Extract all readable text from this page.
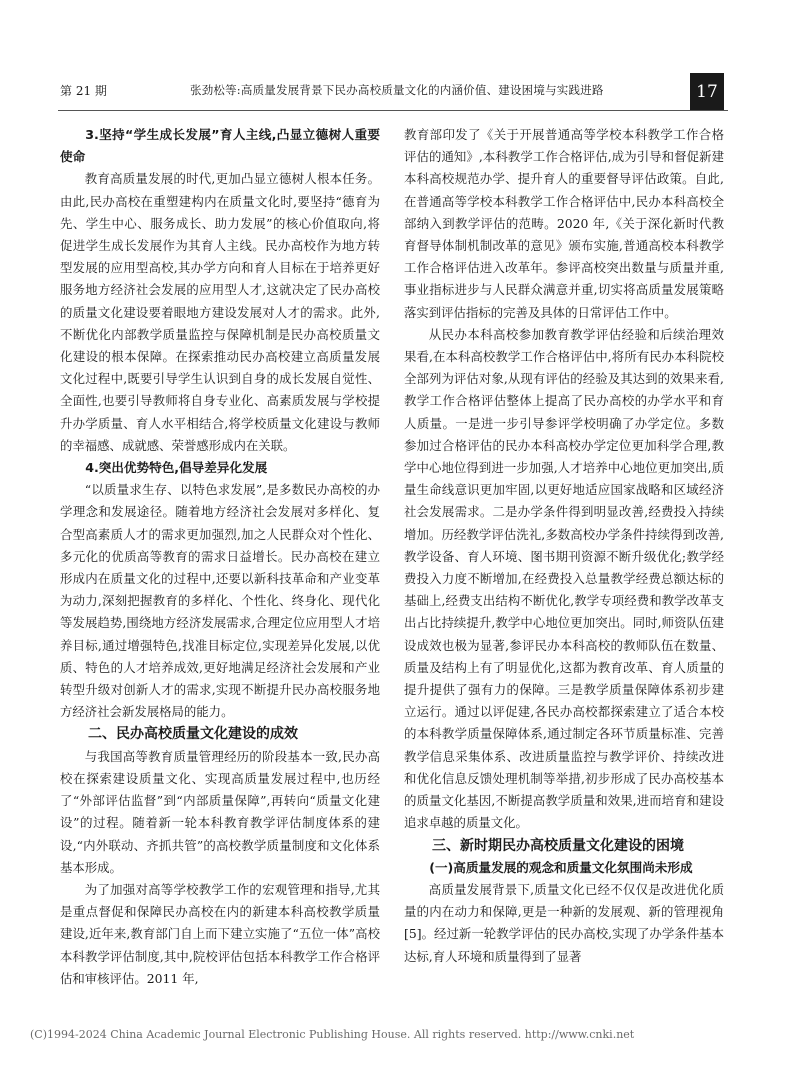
第 21 期	张劲松等:高质量发展背景下民办高校质量文化的内涵价值、建设困境与实践进路	17

3.坚持“学生成长发展”育人主线,凸显立德树人重要使命

教育高质量发展的时代,更加凸显立德树人根本任务。由此,民办高校在重塑建构内在质量文化时,要坚持“德育为先、学生中心、服务成长、助力发展”的核心价值取向,将促进学生成长发展作为其育人主线。民办高校作为地方转型发展的应用型高校,其办学方向和育人目标在于培养更好服务地方经济社会发展的应用型人才,这就决定了民办高校的质量文化建设要着眼地方建设发展对人才的需求。此外,不断优化内部教学质量监控与保障机制是民办高校质量文化建设的根本保障。在探索推动民办高校建立高质量发展文化过程中,既要引导学生认识到自身的成长发展自觉性、全面性,也要引导教师将自身专业化、高素质发展与学校提升办学质量、育人水平相结合,将学校质量文化建设与教师的幸福感、成就感、荣誉感形成内在关联。

4.突出优势特色,倡导差异化发展

“以质量求生存、以特色求发展”,是多数民办高校的办学理念和发展途径。随着地方经济社会发展对多样化、复合型高素质人才的需求更加强烈,加之人民群众对个性化、多元化的优质高等教育的需求日益增长。民办高校在建立形成内在质量文化的过程中,还要以新科技革命和产业变革为动力,深刻把握教育的多样化、个性化、终身化、现代化等发展趋势,围绕地方经济发展需求,合理定位应用型人才培养目标,通过增强特色,找准目标定位,实现差异化发展,以优质、特色的人才培养成效,更好地满足经济社会发展和产业转型升级对创新人才的需求,实现不断提升民办高校服务地方经济社会新发展格局的能力。

二、民办高校质量文化建设的成效

与我国高等教育质量管理经历的阶段基本一致,民办高校在探索建设质量文化、实现高质量发展过程中,也历经了“外部评估监督”到“内部质量保障”,再转向“质量文化建设”的过程。随着新一轮本科教育教学评估制度体系的建设,“内外联动、齐抓共管”的高校教学质量制度和文化体系基本形成。

为了加强对高等学校教学工作的宏观管理和指导,尤其是重点督促和保障民办高校在内的新建本科高校教学质量建设,近年来,教育部门自上而下建立实施了“五位一体”高校本科教学评估制度,其中,院校评估包括本科教学工作合格评估和审核评估。2011 年,

教育部印发了《关于开展普通高等学校本科教学工作合格评估的通知》,本科教学工作合格评估,成为引导和督促新建本科高校规范办学、提升育人的重要督导评估政策。自此,在普通高等学校本科教学工作合格评估中,民办本科高校全部纳入到教学评估的范畴。2020 年,《关于深化新时代教育督导体制机制改革的意见》颁布实施,普通高校本科教学工作合格评估进入改革年。参评高校突出数量与质量并重,事业指标进步与人民群众满意并重,切实将高质量发展策略落实到评估指标的完善及具体的日常评估工作中。

从民办本科高校参加教育教学评估经验和后续治理效果看,在本科高校教学工作合格评估中,将所有民办本科院校全部列为评估对象,从现有评估的经验及其达到的效果来看,教学工作合格评估整体上提高了民办高校的办学水平和育人质量。一是进一步引导参评学校明确了办学定位。多数参加过合格评估的民办本科高校办学定位更加科学合理,教学中心地位得到进一步加强,人才培养中心地位更加突出,质量生命线意识更加牢固,以更好地适应国家战略和区域经济社会发展需求。二是办学条件得到明显改善,经费投入持续增加。历经教学评估洗礼,多数高校办学条件持续得到改善,教学设备、育人环境、图书期刊资源不断升级优化;教学经费投入力度不断增加,在经费投入总量教学经费总额达标的基础上,经费支出结构不断优化,教学专项经费和教学改革支出占比持续提升,教学中心地位更加突出。同时,师资队伍建设成效也极为显著,参评民办本科高校的教师队伍在数量、质量及结构上有了明显优化,这都为教育改革、育人质量的提升提供了强有力的保障。三是教学质量保障体系初步建立运行。通过以评促建,各民办高校都探索建立了适合本校的本科教学质量保障体系,通过制定各环节质量标准、完善教学信息采集体系、改进质量监控与教学评价、持续改进和优化信息反馈处理机制等举措,初步形成了民办高校基本的质量文化基因,不断提高教学质量和效果,进而培育和建设追求卓越的质量文化。

三、新时期民办高校质量文化建设的困境

(一)高质量发展的观念和质量文化氛围尚未形成

高质量发展背景下,质量文化已经不仅仅是改进优化质量的内在动力和保障,更是一种新的发展观、新的管理视角[5]。经过新一轮教学评估的民办高校,实现了办学条件基本达标,育人环境和质量得到了显著

(C)1994-2024 China Academic Journal Electronic Publishing House. All rights reserved. http://www.cnki.net
